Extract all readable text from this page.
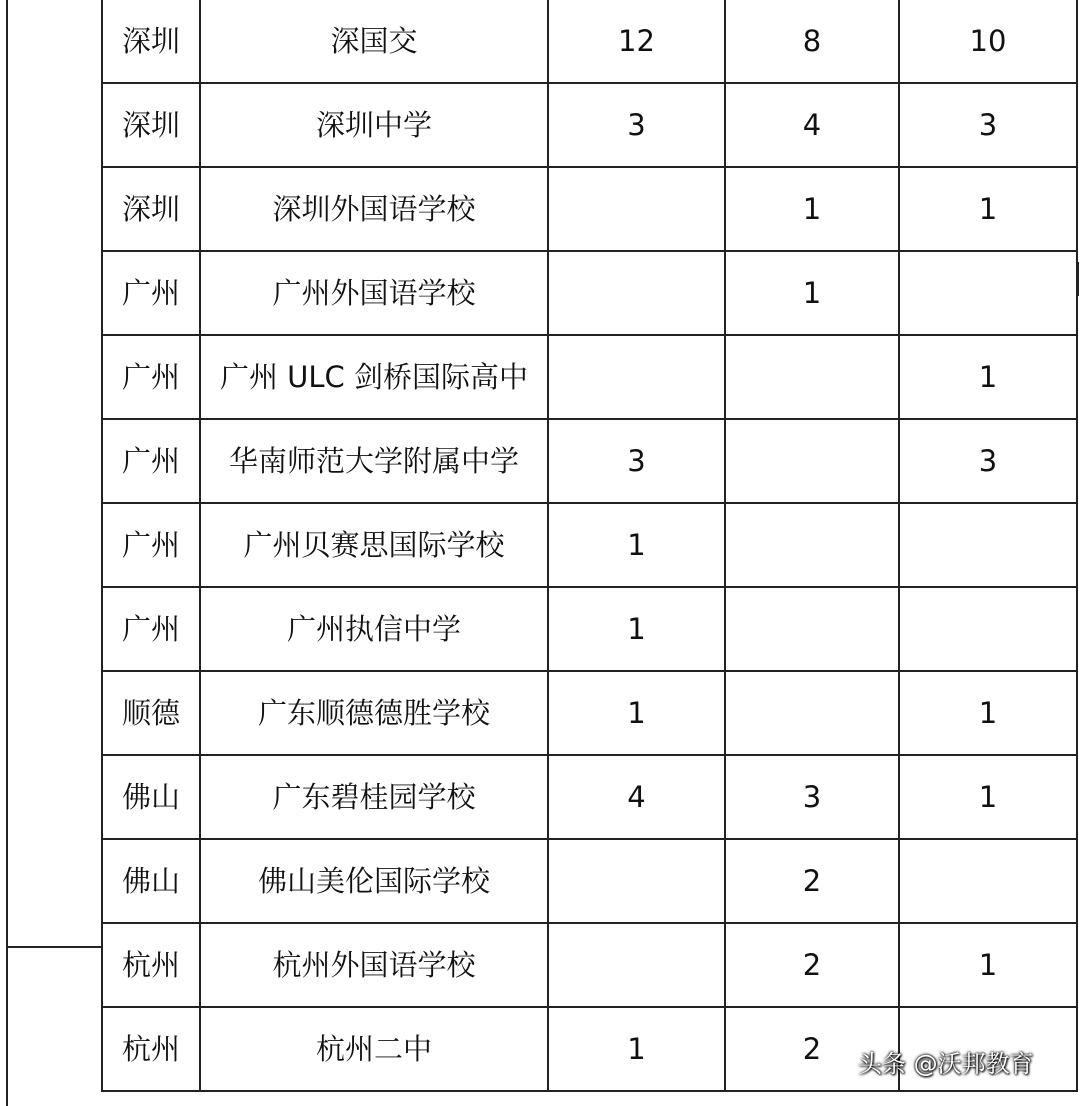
深圳	深国交	12	8	10
深圳	深圳中学	3	4	3
深圳	深圳外国语学校		1	1
广州	广州外国语学校		1	
广州	广州 ULC 剑桥国际高中			1
广州	华南师范大学附属中学	3		3
广州	广州贝赛思国际学校	1		
广州	广州执信中学	1		
顺德	广东顺德德胜学校	1		1
佛山	广东碧桂园学校	4	3	1
佛山	佛山美伦国际学校		2	
杭州	杭州外国语学校		2	1
杭州	杭州二中	1	2	头条 @沃邦教育
